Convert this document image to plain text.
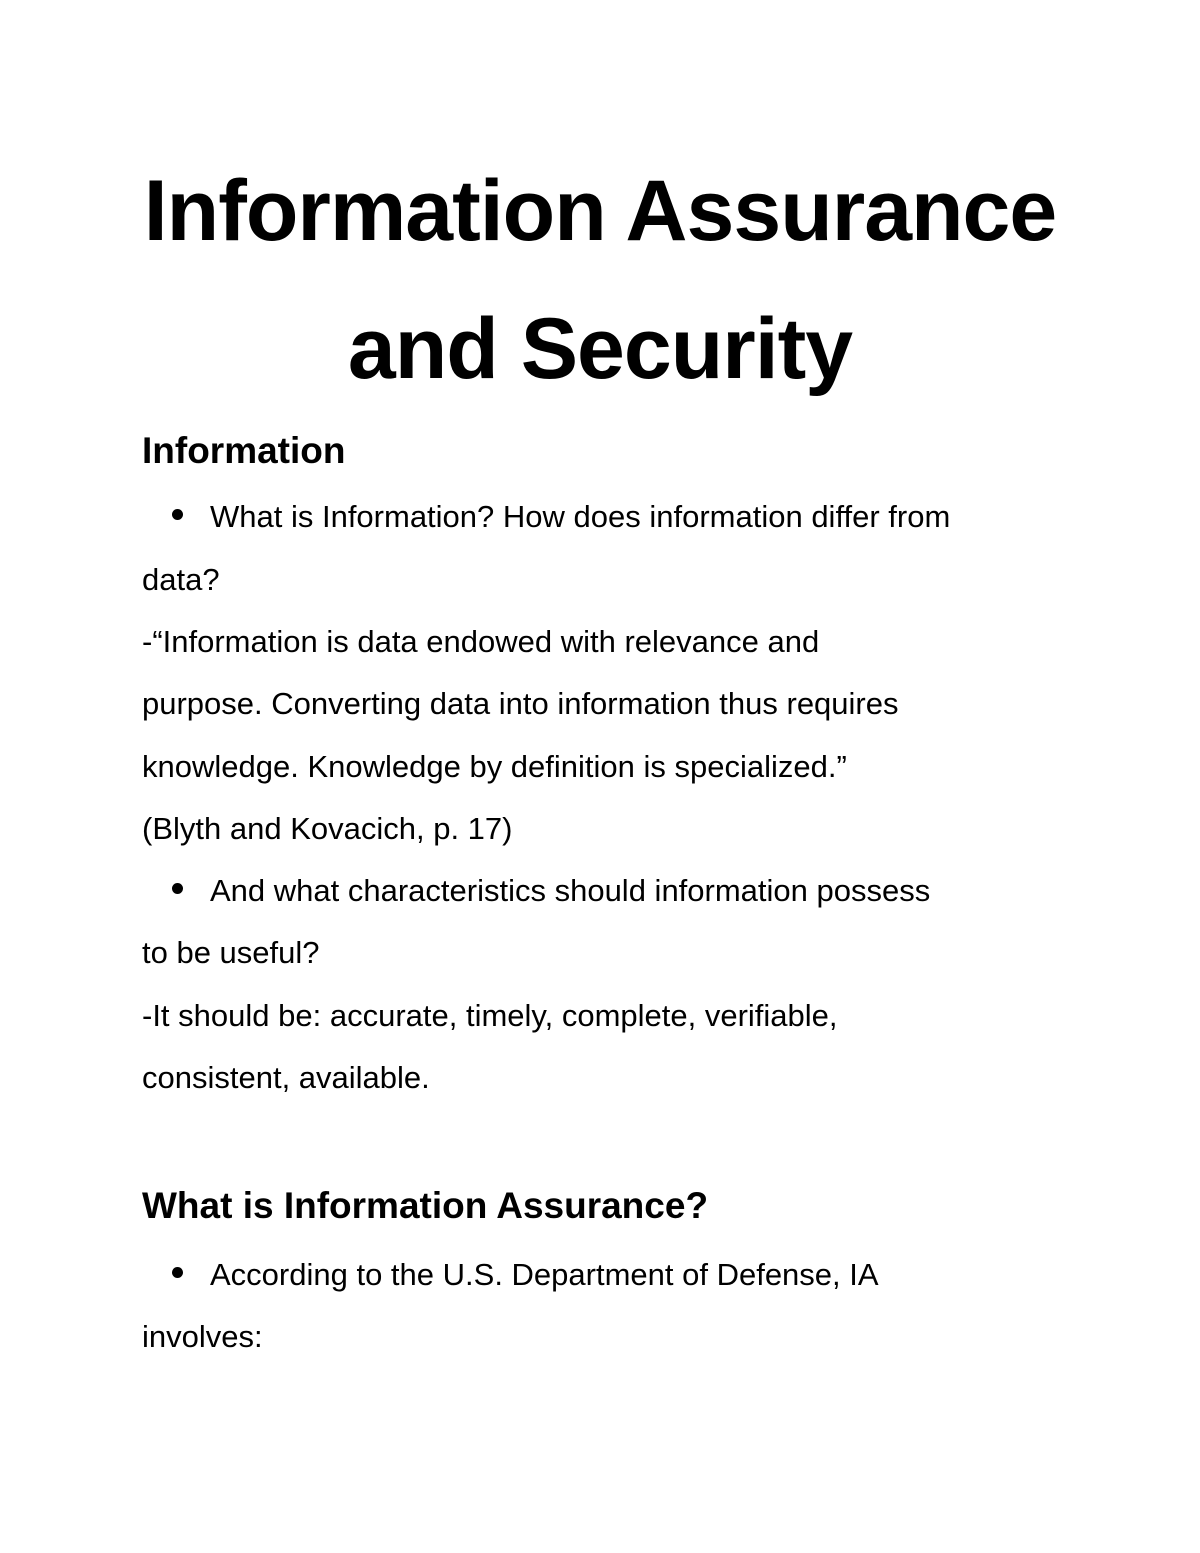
Information Assurance
and Security
Information
What is Information? How does information differ from
data?
-“Information is data endowed with relevance and
purpose. Converting data into information thus requires
knowledge. Knowledge by definition is specialized.”
(Blyth and Kovacich, p. 17)
And what characteristics should information possess
to be useful?
-It should be: accurate, timely, complete, verifiable,
consistent, available.
What is Information Assurance?
According to the U.S. Department of Defense, IA
involves:
